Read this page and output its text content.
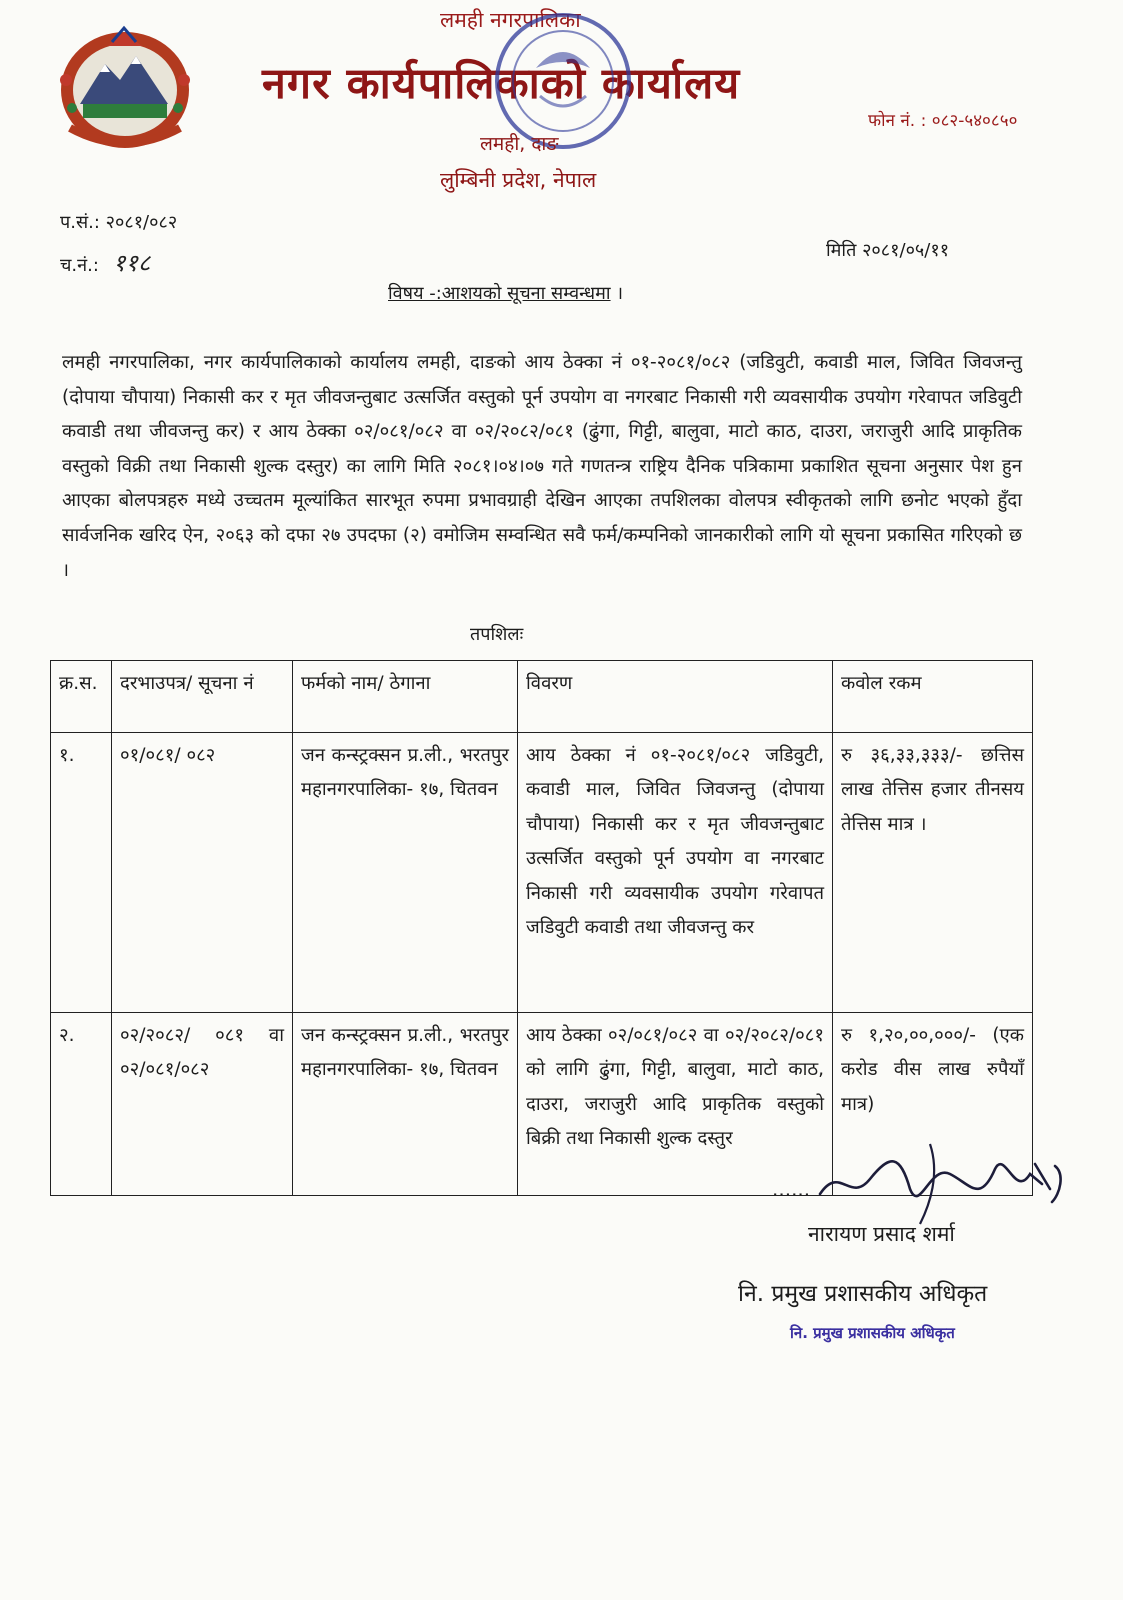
लमही नगरपालिका
नगर कार्यपालिकाको कार्यालय
फोन नं. : ०८२-५४०८५०
लमही, दाङ
लुम्बिनी प्रदेश, नेपाल
प.सं.: २०८१/०८२
च.नं.: ११८	मिति २०८१/०५/११
विषय -:आशयको सूचना सम्वन्धमा ।
लमही नगरपालिका, नगर कार्यपालिकाको कार्यालय लमही, दाङको आय ठेक्का नं ०१-२०८१/०८२ (जडिवुटी, कवाडी माल, जिवित जिवजन्तु (दोपाया चौपाया) निकासी कर र मृत जीवजन्तुबाट उत्सर्जित वस्तुको पूर्न उपयोग वा नगरबाट निकासी गरी व्यवसायीक उपयोग गरेवापत जडिवुटी कवाडी तथा जीवजन्तु कर) र आय ठेक्का ०२/०८१/०८२ वा ०२/२०८२/०८१ (ढुंगा, गिट्टी, बालुवा, माटो काठ, दाउरा, जराजुरी आदि प्राकृतिक वस्तुको विक्री तथा निकासी शुल्क दस्तुर) का लागि मिति २०८१।०४।०७ गते गणतन्त्र राष्ट्रिय दैनिक पत्रिकामा प्रकाशित सूचना अनुसार पेश हुन आएका बोलपत्रहरु मध्ये उच्चतम मूल्यांकित सारभूत रुपमा प्रभावग्राही देखिन आएका तपशिलका वोलपत्र स्वीकृतको लागि छनोट भएको हुँदा सार्वजनिक खरिद ऐन, २०६३ को दफा २७ उपदफा (२) वमोजिम सम्वन्धित सवै फर्म/कम्पनिको जानकारीको लागि यो सूचना प्रकासित गरिएको छ ।
तपशिलः
क्र.स.	दरभाउपत्र/ सूचना नं	फर्मको नाम/ ठेगाना	विवरण	कवोल रकम
१.	०१/०८१/ ०८२	जन कन्स्ट्रक्सन प्र.ली., भरतपुर महानगरपालिका- १७, चितवन	आय ठेक्का नं ०१-२०८१/०८२ जडिवुटी, कवाडी माल, जिवित जिवजन्तु (दोपाया चौपाया) निकासी कर र मृत जीवजन्तुबाट उत्सर्जित वस्तुको पूर्न उपयोग वा नगरबाट निकासी गरी व्यवसायीक उपयोग गरेवापत जडिवुटी कवाडी तथा जीवजन्तु कर	रु ३६,३३,३३३/- छत्तिस लाख तेत्तिस हजार तीनसय तेत्तिस मात्र ।
२.	०२/२०८२/ ०८१ वा ०२/०८१/०८२	जन कन्स्ट्रक्सन प्र.ली., भरतपुर महानगरपालिका- १७, चितवन	आय ठेक्का ०२/०८१/०८२ वा ०२/२०८२/०८१ को लागि ढुंगा, गिट्टी, बालुवा, माटो काठ, दाउरा, जराजुरी आदि प्राकृतिक वस्तुको बिक्री तथा निकासी शुल्क दस्तुर	रु १,२०,००,०००/- (एक करोड वीस लाख रुपैयाँ मात्र)
......
नारायण प्रसाद शर्मा
नि. प्रमुख प्रशासकीय अधिकृत
नि. प्रमुख प्रशासकीय अधिकृत
